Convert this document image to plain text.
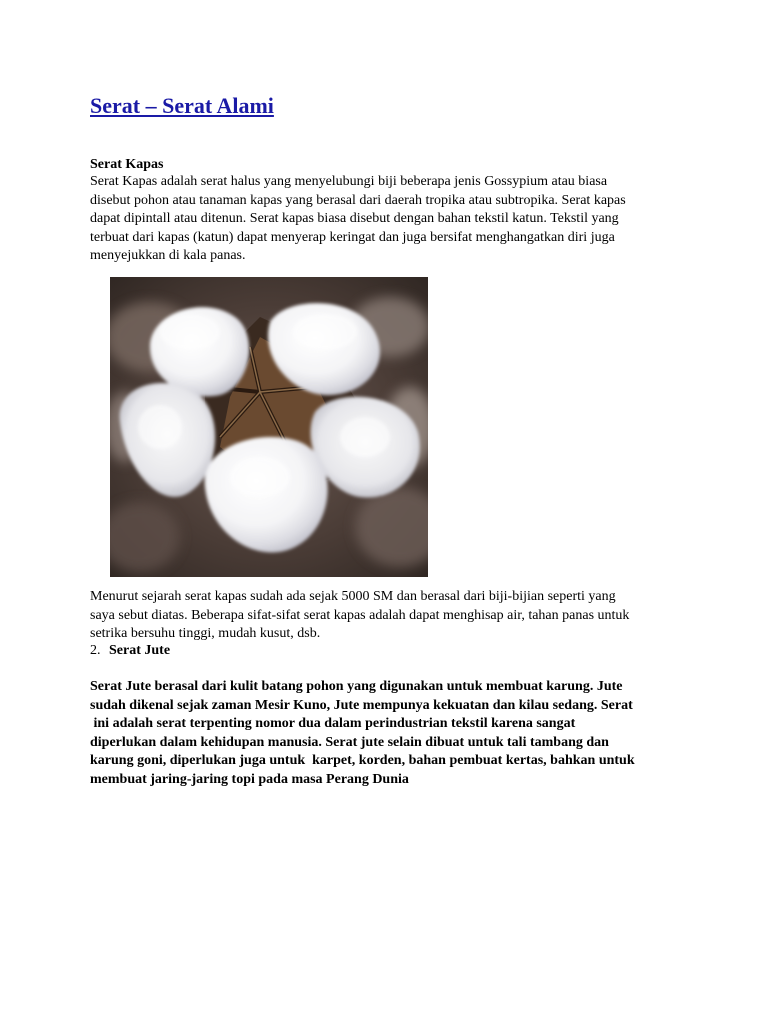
Serat – Serat Alami
Serat Kapas
Serat Kapas adalah serat halus yang menyelubungi biji beberapa jenis Gossypium atau biasa
disebut pohon atau tanaman kapas yang berasal dari daerah tropika atau subtropika. Serat kapas
dapat dipintall atau ditenun. Serat kapas biasa disebut dengan bahan tekstil katun. Tekstil yang
terbuat dari kapas (katun) dapat menyerap keringat dan juga bersifat menghangatkan diri juga
menyejukkan di kala panas.
Menurut sejarah serat kapas sudah ada sejak 5000 SM dan berasal dari biji-bijian seperti yang
saya sebut diatas. Beberapa sifat-sifat serat kapas adalah dapat menghisap air, tahan panas untuk
setrika bersuhu tinggi, mudah kusut, dsb.
2. Serat Jute
Serat Jute berasal dari kulit batang pohon yang digunakan untuk membuat karung. Jute
sudah dikenal sejak zaman Mesir Kuno, Jute mempunya kekuatan dan kilau sedang. Serat
ini adalah serat terpenting nomor dua dalam perindustrian tekstil karena sangat
diperlukan dalam kehidupan manusia. Serat jute selain dibuat untuk tali tambang dan
karung goni, diperlukan juga untuk  karpet, korden, bahan pembuat kertas, bahkan untuk
membuat jaring-jaring topi pada masa Perang Dunia
